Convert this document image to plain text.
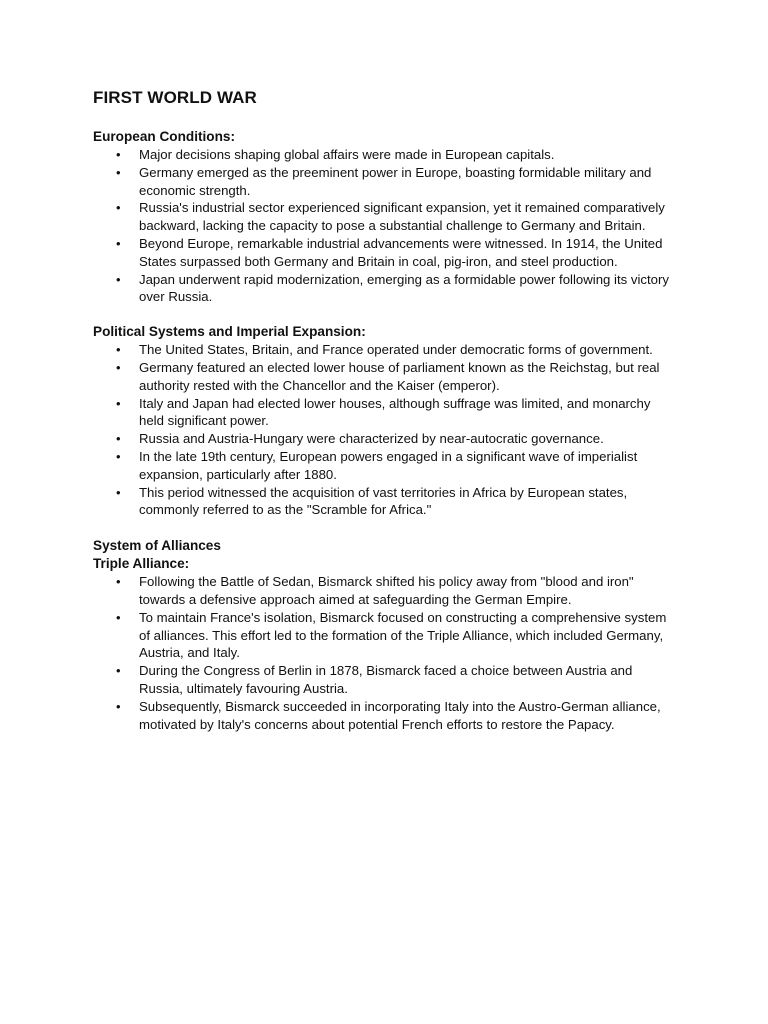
FIRST WORLD WAR
European Conditions:
• Major decisions shaping global affairs were made in European capitals.
• Germany emerged as the preeminent power in Europe, boasting formidable military and economic strength.
• Russia's industrial sector experienced significant expansion, yet it remained comparatively backward, lacking the capacity to pose a substantial challenge to Germany and Britain.
• Beyond Europe, remarkable industrial advancements were witnessed. In 1914, the United States surpassed both Germany and Britain in coal, pig-iron, and steel production.
• Japan underwent rapid modernization, emerging as a formidable power following its victory over Russia.
Political Systems and Imperial Expansion:
• The United States, Britain, and France operated under democratic forms of government.
• Germany featured an elected lower house of parliament known as the Reichstag, but real authority rested with the Chancellor and the Kaiser (emperor).
• Italy and Japan had elected lower houses, although suffrage was limited, and monarchy held significant power.
• Russia and Austria-Hungary were characterized by near-autocratic governance.
• In the late 19th century, European powers engaged in a significant wave of imperialist expansion, particularly after 1880.
• This period witnessed the acquisition of vast territories in Africa by European states, commonly referred to as the "Scramble for Africa."
System of Alliances
Triple Alliance:
• Following the Battle of Sedan, Bismarck shifted his policy away from "blood and iron" towards a defensive approach aimed at safeguarding the German Empire.
• To maintain France's isolation, Bismarck focused on constructing a comprehensive system of alliances. This effort led to the formation of the Triple Alliance, which included Germany, Austria, and Italy.
• During the Congress of Berlin in 1878, Bismarck faced a choice between Austria and Russia, ultimately favouring Austria.
• Subsequently, Bismarck succeeded in incorporating Italy into the Austro-German alliance, motivated by Italy's concerns about potential French efforts to restore the Papacy.
